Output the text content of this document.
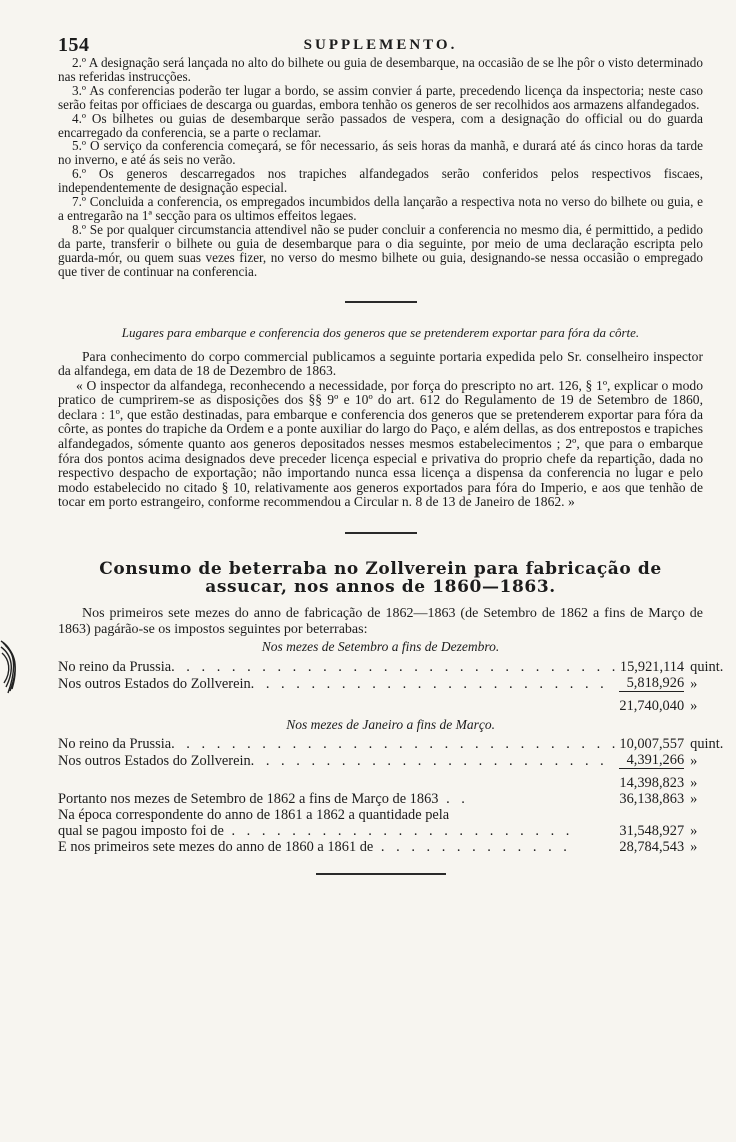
154	SUPPLEMENTO.

2.º A designação será lançada no alto do bilhete ou guia de desembarque, na occasião de se lhe pôr o visto determinado nas referidas instrucções.

3.º As conferencias poderão ter lugar a bordo, se assim convier á parte, precedendo licença da inspectoria; neste caso serão feitas por officiaes de descarga ou guardas, embora tenhão os generos de ser recolhidos aos armazens alfandegados.

4.º Os bilhetes ou guias de desembarque serão passados de vespera, com a designação do official ou do guarda encarregado da conferencia, se a parte o reclamar.

5.º O serviço da conferencia começará, se fôr necessario, ás seis horas da manhã, e durará até ás cinco horas da tarde no inverno, e até ás seis no verão.

6.º Os generos descarregados nos trapiches alfandegados serão conferidos pelos respectivos fiscaes, independentemente de designação especial.

7.º Concluida a conferencia, os empregados incumbidos della lançarão a respectiva nota no verso do bilhete ou guia, e a entregarão na 1ª secção para os ultimos effeitos legaes.

8.º Se por qualquer circumstancia attendivel não se puder concluir a conferencia no mesmo dia, é permittido, a pedido da parte, transferir o bilhete ou guia de desembarque para o dia seguinte, por meio de uma declaração escripta pelo guarda-mór, ou quem suas vezes fizer, no verso do mesmo bilhete ou guia, designando-se nessa occasião o empregado que tiver de continuar na conferencia.

Lugares para embarque e conferencia dos generos que se pretenderem exportar para fóra da côrte.

Para conhecimento do corpo commercial publicamos a seguinte portaria expedida pelo Sr. conselheiro inspector da alfandega, em data de 18 de Dezembro de 1863.

« O inspector da alfandega, reconhecendo a necessidade, por força do prescripto no art. 126, § 1º, explicar o modo pratico de cumprirem-se as disposições dos §§ 9º e 10º do art. 612 do Regulamento de 19 de Setembro de 1860, declara : 1º, que estão destinadas, para embarque e conferencia dos generos que se pretenderem exportar para fóra da côrte, as pontes do trapiche da Ordem e a ponte auxiliar do largo do Paço, e além dellas, as dos entrepostos e trapiches alfandegados, sómente quanto aos generos depositados nesses mesmos estabelecimentos ; 2º, que para o embarque fóra dos pontos acima designados deve preceder licença especial e privativa do proprio chefe da repartição, dada no respectivo despacho de exportação; não importando nunca essa licença a dispensa da conferencia no lugar e pelo modo estabelecido no citado § 10, relativamente aos generos exportados para fóra do Imperio, e aos que tenhão de tocar em porto estrangeiro, conforme recommendou a Circular n. 8 de 13 de Janeiro de 1862. »

Consumo de beterraba no Zollverein para fabricação de assucar, nos annos de 1860—1863.

Nos primeiros sete mezes do anno de fabricação de 1862—1863 (de Setembro de 1862 a fins de Março de 1863) pagárão-se os impostos seguintes por beterrabas:

Nos mezes de Setembro a fins de Dezembro.
No reino da Prussia. . . . . . . . . . . . . . . . . . . . . . . . . . . . . .	15,921,114	quint.
Nos outros Estados do Zollverein. . . . . . . . . . . . . . . . . . . . . . . .	5,818,926	»

	21,740,040	»

Nos mezes de Janeiro a fins de Março.		

No reino da Prussia. . . . . . . . . . . . . . . . . . . . . . . . . . . . . .	10,007,557	quint.
Nos outros Estados do Zollverein. . . . . . . . . . . . . . . . . . . . . . . .	4,391,266	»

	14,398,823	»
Portanto nos mezes de Setembro de 1862 a fins de Março de 1863 . .	36,138,863	»
Na época correspondente do anno de 1861 a 1862 a quantidade pela		
qual se pagou imposto foi de . . . . . . . . . . . . . . . . . . . . . . .	31,548,927	»
E nos primeiros sete mezes do anno de 1860 a 1861 de . . . . . . . . . . . . .	28,784,543	»
